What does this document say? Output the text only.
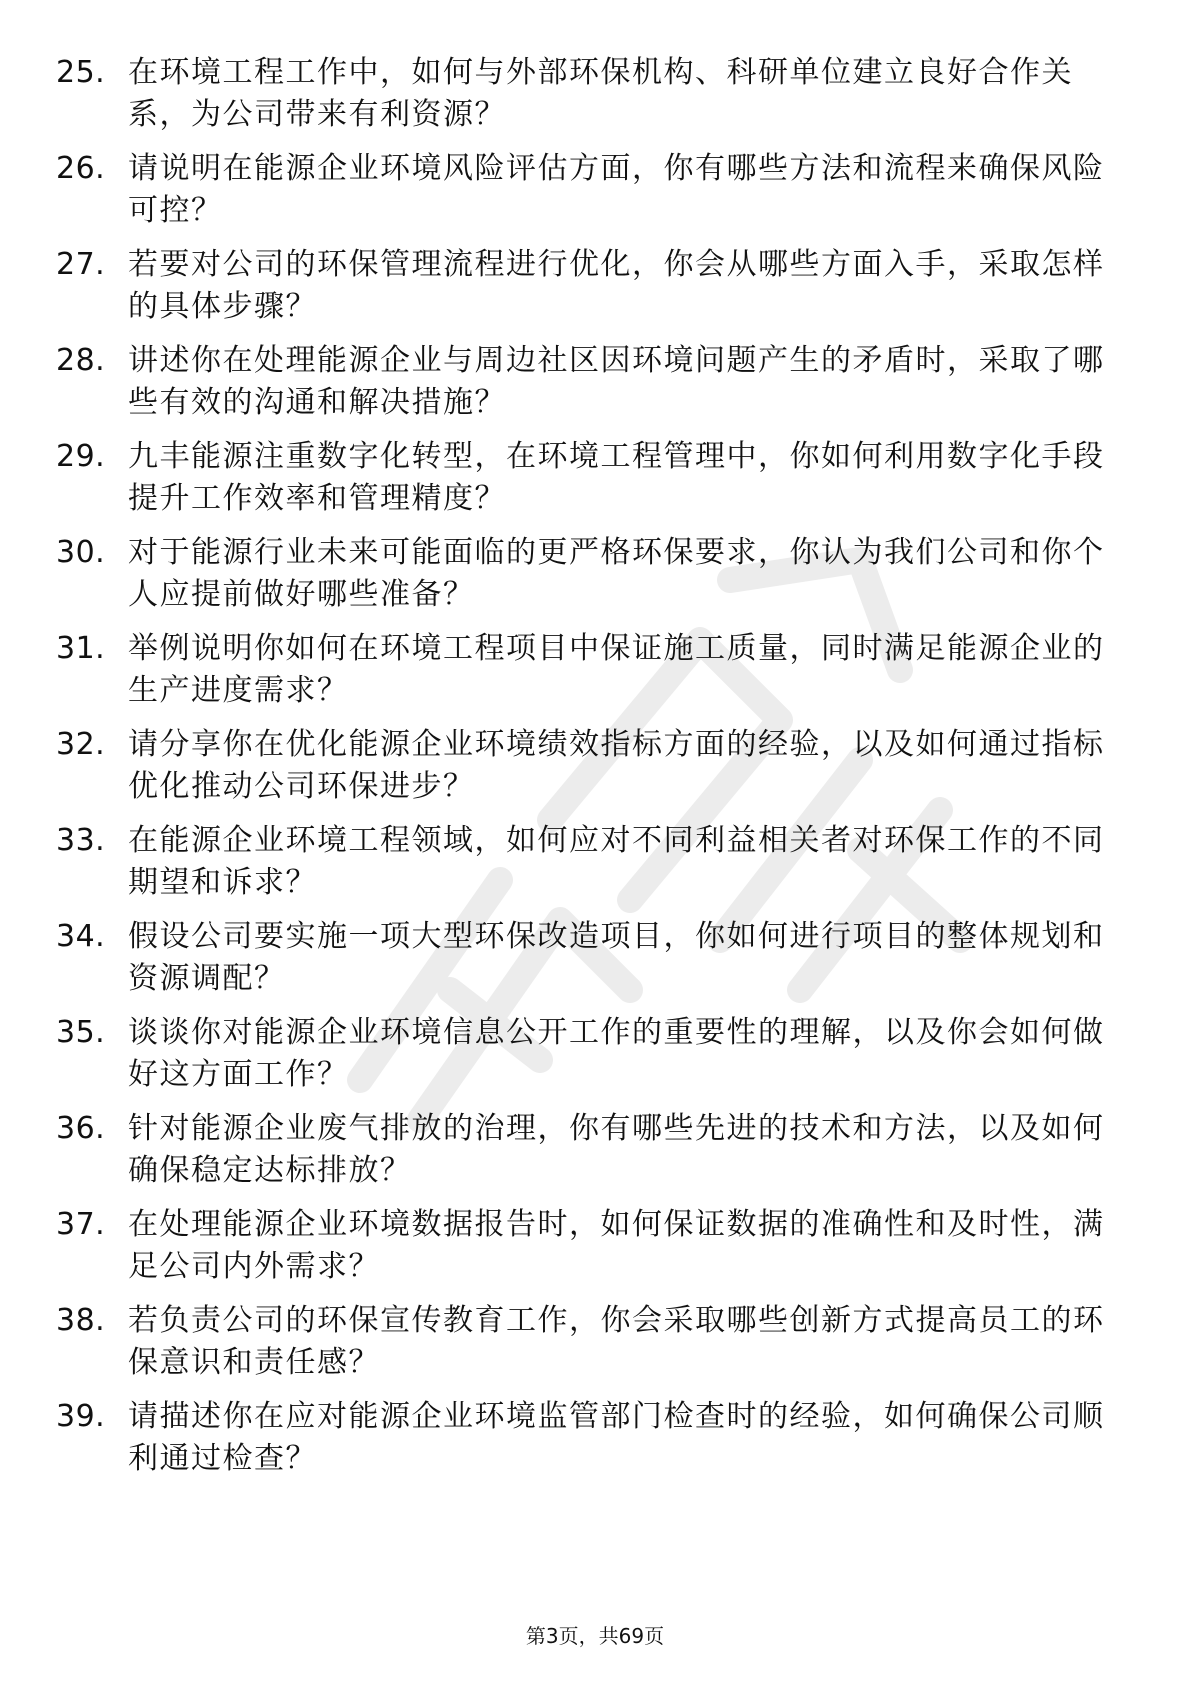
25. 在环境工程工作中，如何与外部环保机构、科研单位建立良好合作关系，为公司带来有利资源？
26. 请说明在能源企业环境风险评估方面，你有哪些方法和流程来确保风险可控？
27. 若要对公司的环保管理流程进行优化，你会从哪些方面入手，采取怎样的具体步骤？
28. 讲述你在处理能源企业与周边社区因环境问题产生的矛盾时，采取了哪些有效的沟通和解决措施？
29. 九丰能源注重数字化转型，在环境工程管理中，你如何利用数字化手段提升工作效率和管理精度？
30. 对于能源行业未来可能面临的更严格环保要求，你认为我们公司和你个人应提前做好哪些准备？
31. 举例说明你如何在环境工程项目中保证施工质量，同时满足能源企业的生产进度需求？
32. 请分享你在优化能源企业环境绩效指标方面的经验，以及如何通过指标优化推动公司环保进步？
33. 在能源企业环境工程领域，如何应对不同利益相关者对环保工作的不同期望和诉求？
34. 假设公司要实施一项大型环保改造项目，你如何进行项目的整体规划和资源调配？
35. 谈谈你对能源企业环境信息公开工作的重要性的理解，以及你会如何做好这方面工作？
36. 针对能源企业废气排放的治理，你有哪些先进的技术和方法，以及如何确保稳定达标排放？
37. 在处理能源企业环境数据报告时，如何保证数据的准确性和及时性，满足公司内外需求？
38. 若负责公司的环保宣传教育工作，你会采取哪些创新方式提高员工的环保意识和责任感？
39. 请描述你在应对能源企业环境监管部门检查时的经验，如何确保公司顺利通过检查？
第3页，共69页
